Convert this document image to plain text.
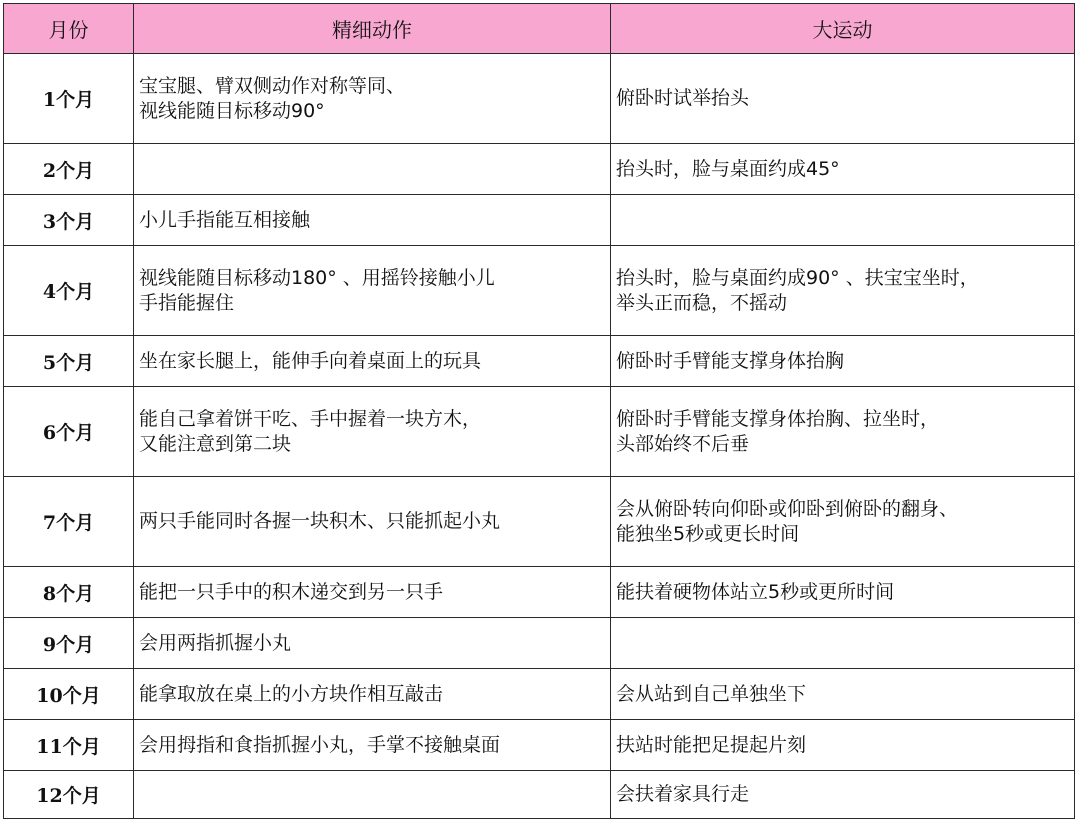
月份	精细动作	大运动
1个月	宝宝腿、臂双侧动作对称等同、
视线能随目标移动90°	俯卧时试举抬头

2个月		抬头时，脸与桌面约成45°

3个月	小儿手指能互相接触	

4个月	视线能随目标移动180° 、用摇铃接触小儿
手指能握住	抬头时，脸与桌面约成90° 、扶宝宝坐时，
举头正而稳，不摇动

5个月	坐在家长腿上，能伸手向着桌面上的玩具	俯卧时手臂能支撑身体抬胸

6个月	能自己拿着饼干吃、手中握着一块方木，
又能注意到第二块	俯卧时手臂能支撑身体抬胸、拉坐时，
头部始终不后垂

7个月	两只手能同时各握一块积木、只能抓起小丸	会从俯卧转向仰卧或仰卧到俯卧的翻身、
能独坐5秒或更长时间

8个月	能把一只手中的积木递交到另一只手	能扶着硬物体站立5秒或更所时间

9个月	会用两指抓握小丸	

10个月	能拿取放在桌上的小方块作相互敲击	会从站到自己单独坐下

11个月	会用拇指和食指抓握小丸，手掌不接触桌面	扶站时能把足提起片刻

12个月		会扶着家具行走
